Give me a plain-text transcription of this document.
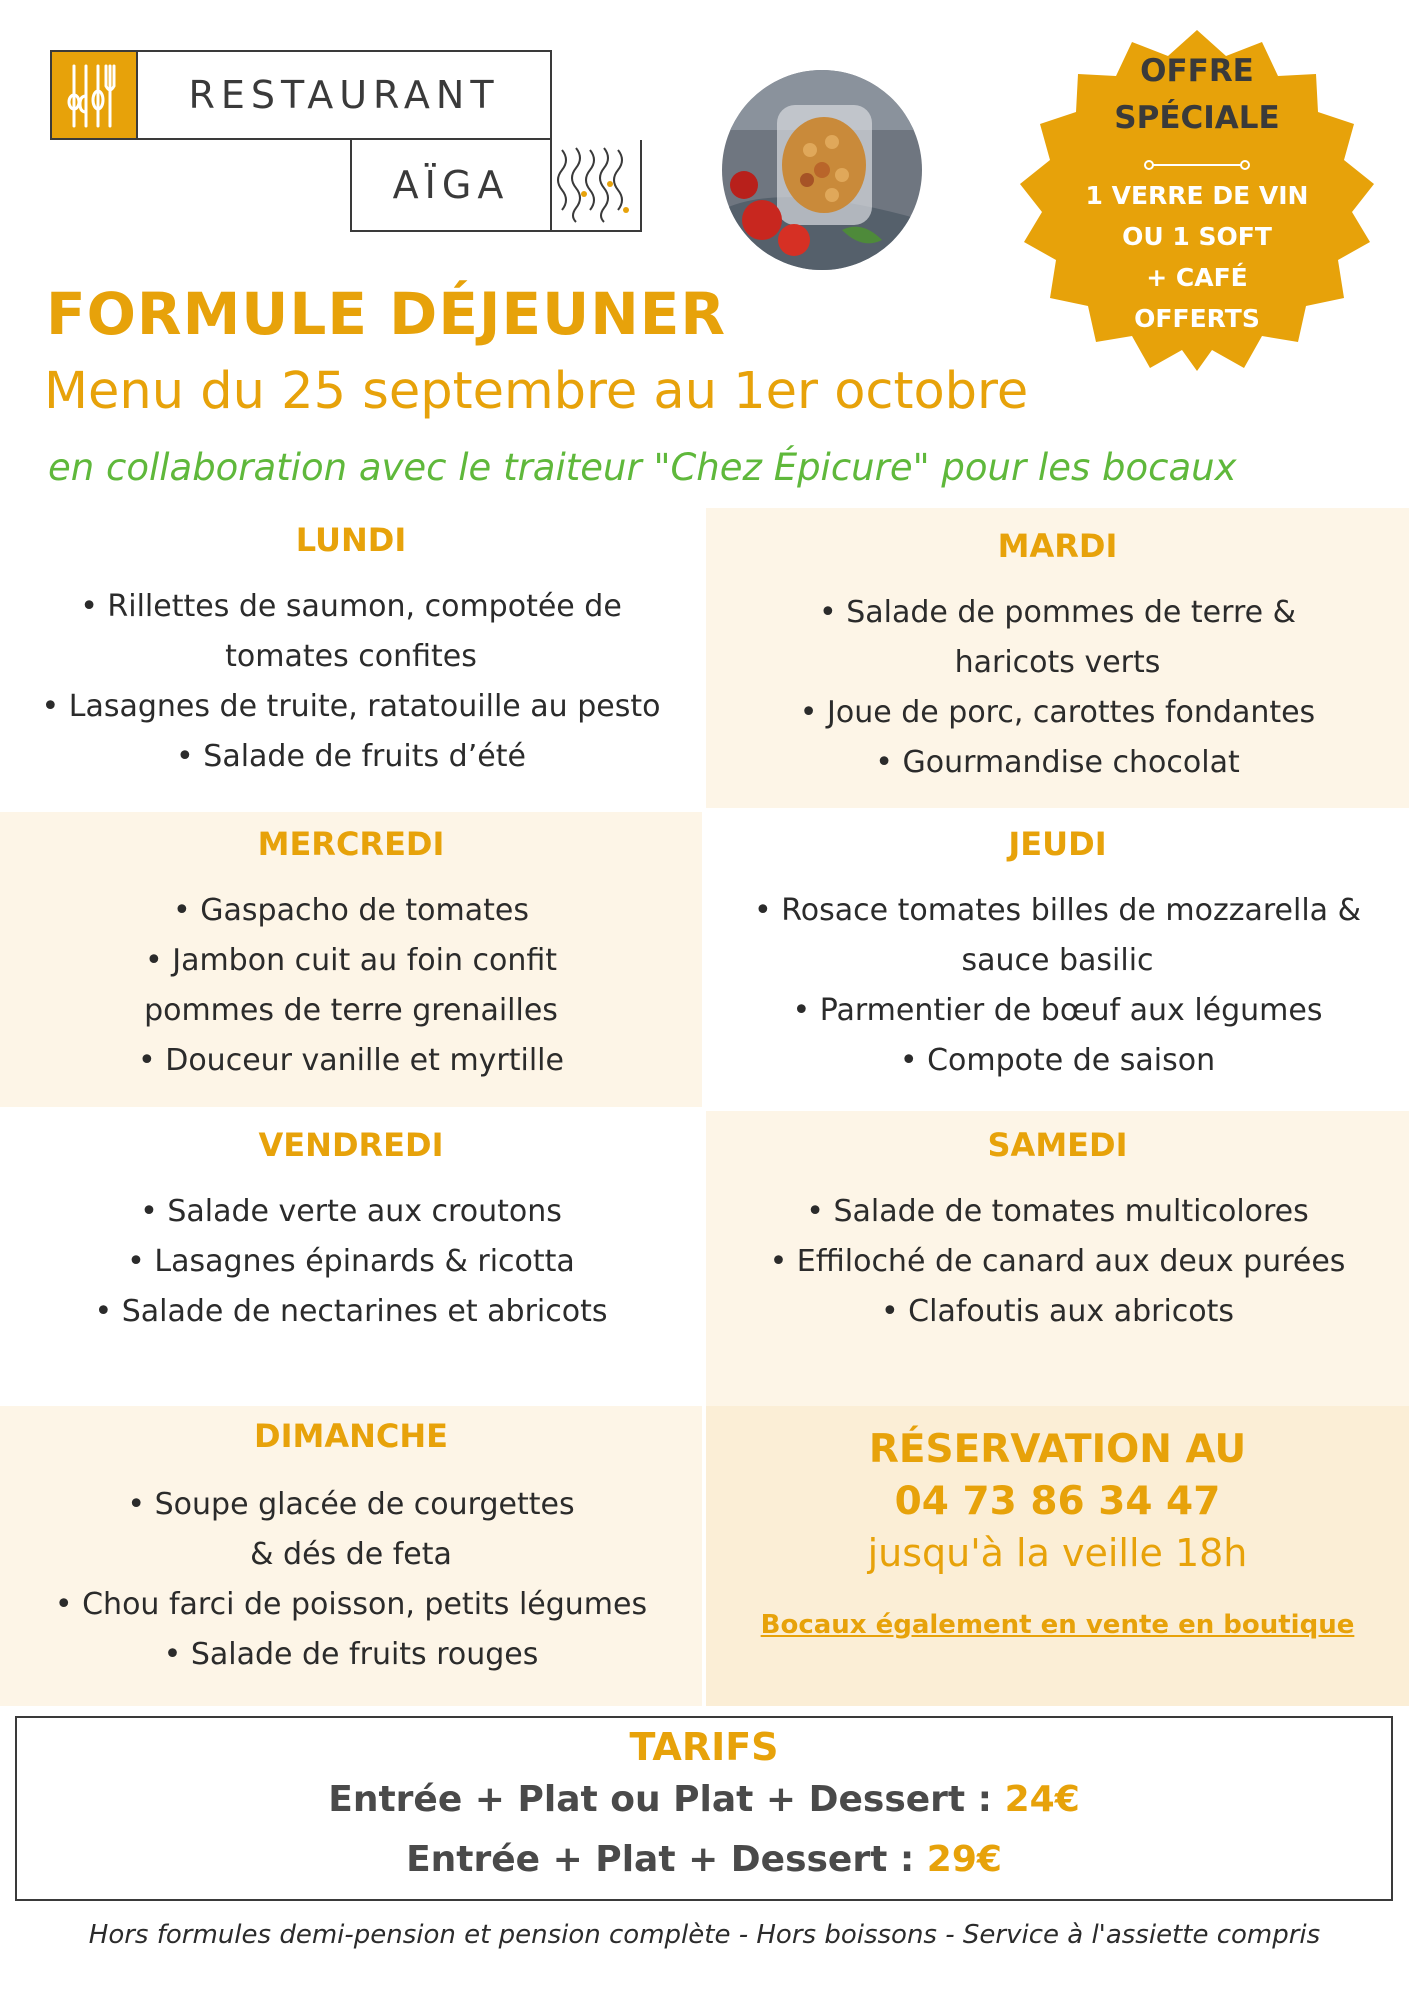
RESTAURANT
AÏGA
OFFRE
SPÉCIALE
1 VERRE DE VIN
OU 1 SOFT
+ CAFÉ
OFFERTS
FORMULE DÉJEUNER
Menu du 25 septembre au 1er octobre
en collaboration avec le traiteur "Chez Épicure" pour les bocaux
LUNDI
• Rillettes de saumon, compotée de
tomates confites
• Lasagnes de truite, ratatouille au pesto
• Salade de fruits d’été
MARDI
• Salade de pommes de terre &
haricots verts
• Joue de porc, carottes fondantes
• Gourmandise chocolat
MERCREDI
• Gaspacho de tomates
• Jambon cuit au foin confit
pommes de terre grenailles
• Douceur vanille et myrtille
JEUDI
• Rosace tomates billes de mozzarella &
sauce basilic
• Parmentier de bœuf aux légumes
• Compote de saison
VENDREDI
• Salade verte aux croutons
• Lasagnes épinards & ricotta
• Salade de nectarines et abricots
SAMEDI
• Salade de tomates multicolores
• Effiloché de canard aux deux purées
• Clafoutis aux abricots
DIMANCHE
• Soupe glacée de courgettes
& dés de feta
• Chou farci de poisson, petits légumes
• Salade de fruits rouges
RÉSERVATION AU
04 73 86 34 47
jusqu'à la veille 18h
Bocaux également en vente en boutique
TARIFS
Entrée + Plat ou Plat + Dessert : 24€
Entrée + Plat + Dessert : 29€
Hors formules demi-pension et pension complète - Hors boissons - Service à l'assiette compris
